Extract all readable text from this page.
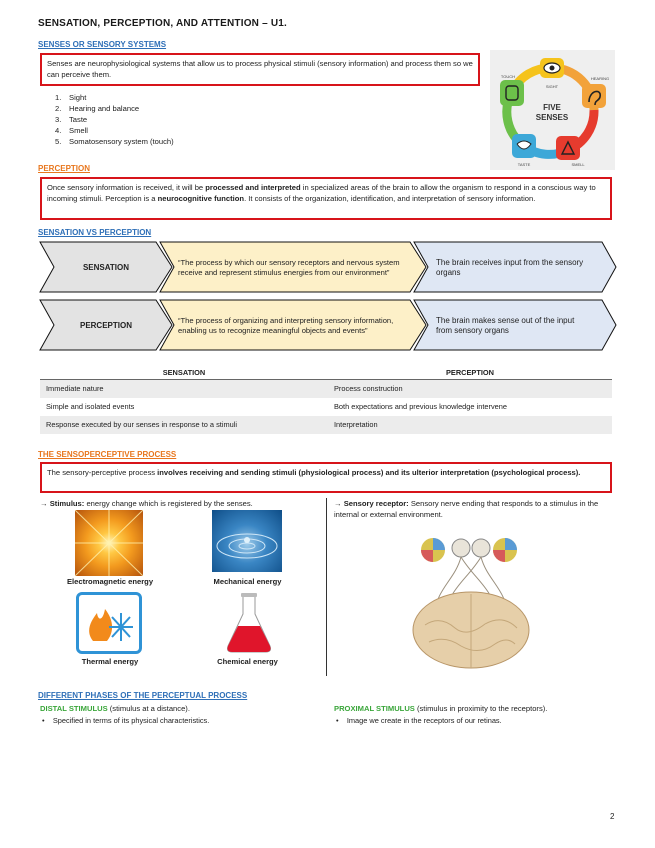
SENSATION, PERCEPTION, AND ATTENTION – U1.
SENSES OR SENSORY SYSTEMS
Senses are neurophysiological systems that allow us to process physical stimuli (sensory information) and process them so we can perceive them.
1. Sight
2. Hearing and balance
3. Taste
4. Smell
5. Somatosensory system (touch)
FIVE
SENSES
TOUCH
SIGHT
HEARING
SMELL
TASTE
PERCEPTION
Once sensory information is received, it will be processed and interpreted in specialized areas of the brain to allow the organism to respond in a conscious way to incoming stimuli. Perception is a neurocognitive function. It consists of the organization, identification, and interpretation of sensory information.
SENSATION VS PERCEPTION
SENSATION
“The process by which our sensory receptors and nervous system receive and represent stimulus energies from our environment”
The brain receives input from the sensory organs
PERCEPTION
“The process of organizing and interpreting sensory information, enabling us to recognize meaningful objects and events”
The brain makes sense out of the input from sensory organs
SENSATION	PERCEPTION
Immediate nature	Process construction
Simple and isolated events	Both expectations and previous knowledge intervene
Response executed by our senses in response to a stimuli	Interpretation
THE SENSOPERCEPTIVE PROCESS
The sensory-perceptive process involves receiving and sending stimuli (physiological process) and its ulterior interpretation (psychological process).
→ Stimulus: energy change which is registered by the senses.	→ Sensory receptor: Sensory nerve ending that responds to a stimulus in the internal or external environment.
Electromagnetic energy	Mechanical energy
Thermal energy	Chemical energy
DIFFERENT PHASES OF THE PERCEPTUAL PROCESS
DISTAL STIMULUS (stimulus at a distance).
•    Specified in terms of its physical characteristics.
PROXIMAL STIMULUS (stimulus in proximity to the receptors).
•    Image we create in the receptors of our retinas.
2
